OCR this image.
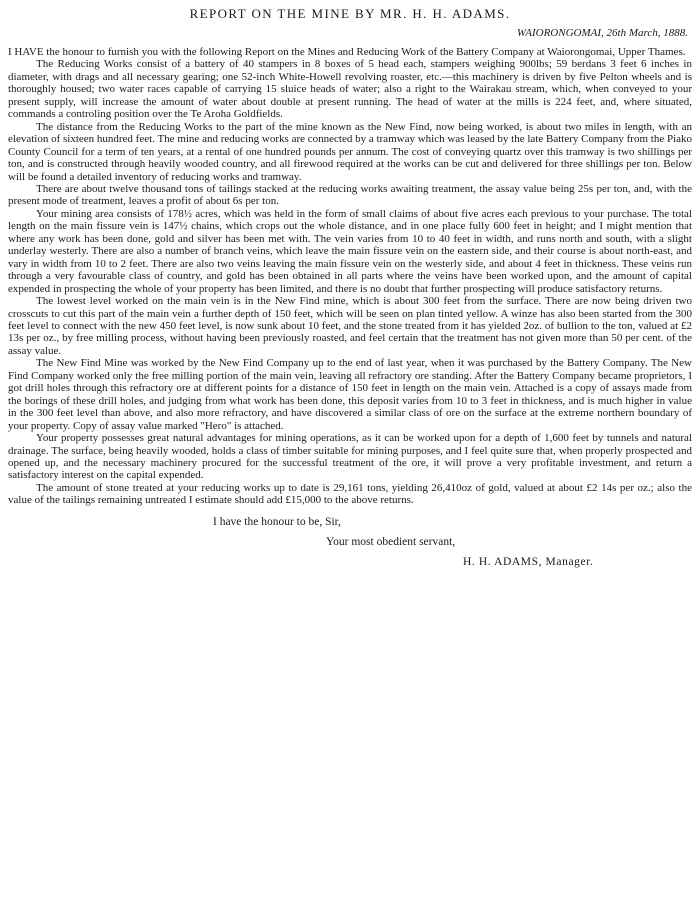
REPORT ON THE MINE BY MR. H. H. ADAMS.
WAIORONGOMAI, 26th March, 1888.

I HAVE the honour to furnish you with the following Report on the Mines and Reducing Work of the Battery Company at Waiorongomai, Upper Thames.

The Reducing Works consist of a battery of 40 stampers in 8 boxes of 5 head each, stampers weighing 900lbs; 59 berdans 3 feet 6 inches in diameter, with drags and all necessary gearing; one 52-inch White-Howell revolving roaster, etc.—this machinery is driven by five Pelton wheels and is thoroughly housed; two water races capable of carrying 15 sluice heads of water; also a right to the Wairakau stream, which, when conveyed to your present supply, will increase the amount of water about double at present running. The head of water at the mills is 224 feet, and, where situated, commands a controling position over the Te Aroha Goldfields.

The distance from the Reducing Works to the part of the mine known as the New Find, now being worked, is about two miles in length, with an elevation of sixteen hundred feet. The mine and reducing works are connected by a tramway which was leased by the late Battery Company from the Piako County Council for a term of ten years, at a rental of one hundred pounds per annum. The cost of conveying quartz over this tramway is two shillings per ton, and is constructed through heavily wooded country, and all firewood required at the works can be cut and delivered for three shillings per ton. Below will be found a detailed inventory of reducing works and tramway.

There are about twelve thousand tons of tailings stacked at the reducing works awaiting treatment, the assay value being 25s per ton, and, with the present mode of treatment, leaves a profit of about 6s per ton.

Your mining area consists of 178½ acres, which was held in the form of small claims of about five acres each previous to your purchase. The total length on the main fissure vein is 147½ chains, which crops out the whole distance, and in one place fully 600 feet in height; and I might mention that where any work has been done, gold and silver has been met with. The vein varies from 10 to 40 feet in width, and runs north and south, with a slight underlay westerly. There are also a number of branch veins, which leave the main fissure vein on the eastern side, and their course is about north-east, and vary in width from 10 to 2 feet. There are also two veins leaving the main fissure vein on the westerly side, and about 4 feet in thickness. These veins run through a very favourable class of country, and gold has been obtained in all parts where the veins have been worked upon, and the amount of capital expended in prospecting the whole of your property has been limited, and there is no doubt that further prospecting will produce satisfactory returns.

The lowest level worked on the main vein is in the New Find mine, which is about 300 feet from the surface. There are now being driven two crosscuts to cut this part of the main vein a further depth of 150 feet, which will be seen on plan tinted yellow. A winze has also been started from the 300 feet level to connect with the new 450 feet level, is now sunk about 10 feet, and the stone treated from it has yielded 2oz. of bullion to the ton, valued at £2 13s per oz., by free milling process, without having been previously roasted, and feel certain that the treatment has not given more than 50 per cent. of the assay value.

The New Find Mine was worked by the New Find Company up to the end of last year, when it was purchased by the Battery Company. The New Find Company worked only the free milling portion of the main vein, leaving all refractory ore standing. After the Battery Company became proprietors, I got drill holes through this refractory ore at different points for a distance of 150 feet in length on the main vein. Attached is a copy of assays made from the borings of these drill holes, and judging from what work has been done, this deposit varies from 10 to 3 feet in thickness, and is much higher in value in the 300 feet level than above, and also more refractory, and have discovered a similar class of ore on the surface at the extreme northern boundary of your property. Copy of assay value marked "Hero" is attached.

Your property possesses great natural advantages for mining operations, as it can be worked upon for a depth of 1,600 feet by tunnels and natural drainage. The surface, being heavily wooded, holds a class of timber suitable for mining purposes, and I feel quite sure that, when properly prospected and opened up, and the necessary machinery procured for the successful treatment of the ore, it will prove a very profitable investment, and return a satisfactory interest on the capital expended.

The amount of stone treated at your reducing works up to date is 29,161 tons, yielding 26,410oz of gold, valued at about £2 14s per oz.; also the value of the tailings remaining untreated I estimate should add £15,000 to the above returns.

I have the honour to be, Sir,
Your most obedient servant,
H. H. ADAMS, Manager.
